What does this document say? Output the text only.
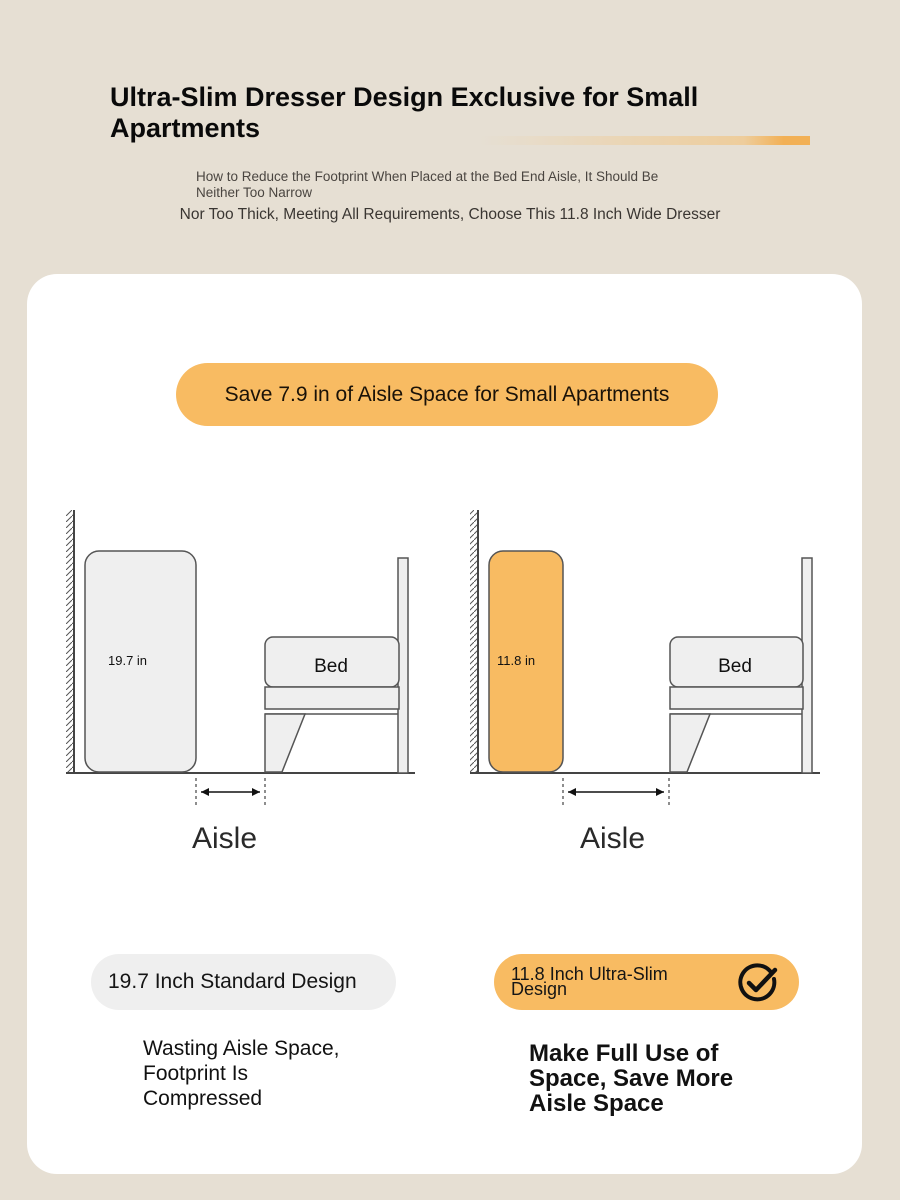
Ultra-Slim Dresser Design Exclusive for Small Apartments
How to Reduce the Footprint When Placed at the Bed End Aisle, It Should Be Neither Too Narrow
Nor Too Thick, Meeting All Requirements, Choose This 11.8 Inch Wide Dresser
Save 7.9 in of Aisle Space for Small Apartments
19.7 in	Bed	11.8 in	Bed
Aisle	Aisle
19.7 Inch Standard Design	11.8 Inch Ultra-Slim Design
Wasting Aisle Space, Footprint Is Compressed
Make Full Use of Space, Save More Aisle Space
